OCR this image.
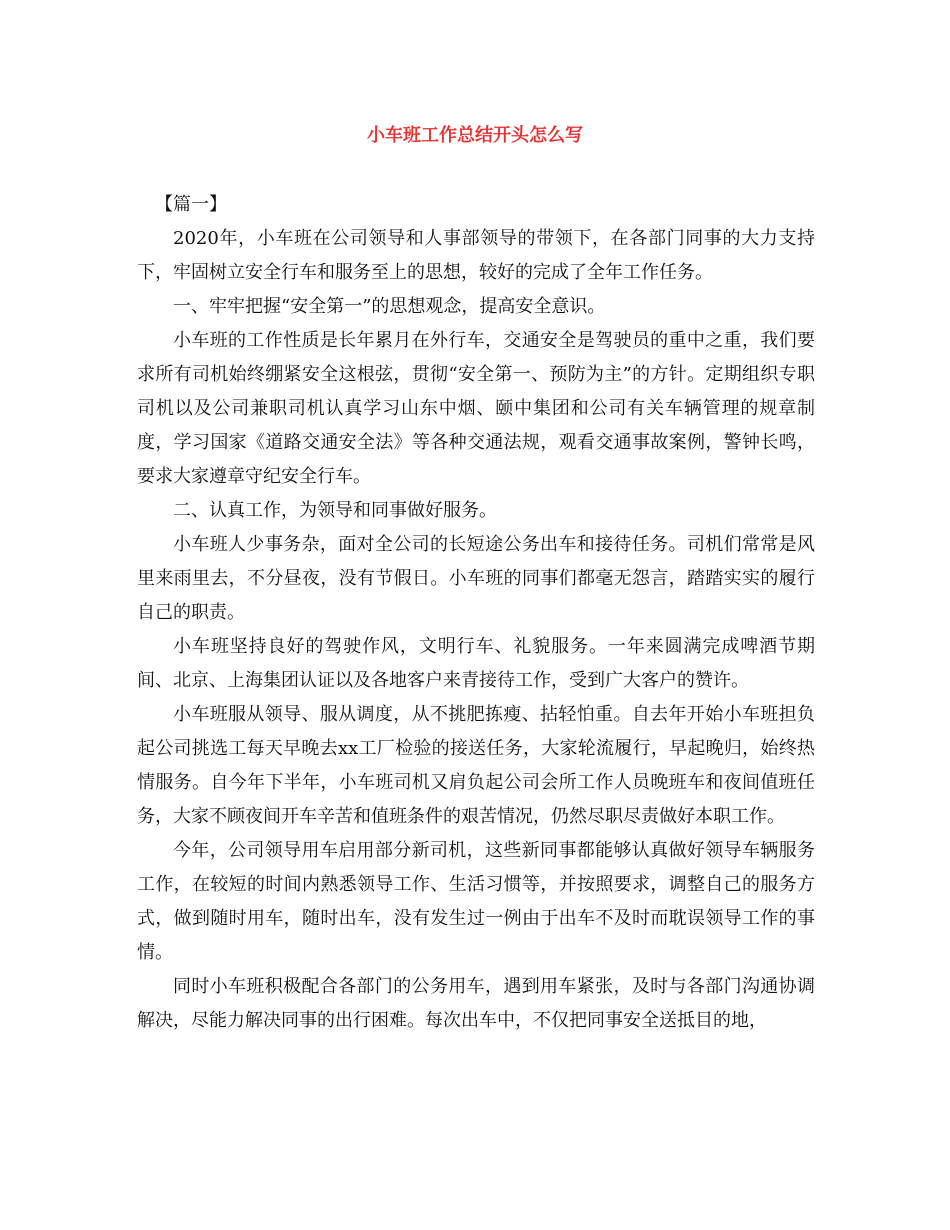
小车班工作总结开头怎么写

【篇一】

2020年，小车班在公司领导和人事部领导的带领下，在各部门同事的大力支持下，牢固树立安全行车和服务至上的思想，较好的完成了全年工作任务。

一、牢牢把握“安全第一”的思想观念，提高安全意识。

小车班的工作性质是长年累月在外行车，交通安全是驾驶员的重中之重，我们要求所有司机始终绷紧安全这根弦，贯彻“安全第一、预防为主”的方针。定期组织专职司机以及公司兼职司机认真学习山东中烟、颐中集团和公司有关车辆管理的规章制度，学习国家《道路交通安全法》等各种交通法规，观看交通事故案例，警钟长鸣，要求大家遵章守纪安全行车。

二、认真工作，为领导和同事做好服务。

小车班人少事务杂，面对全公司的长短途公务出车和接待任务。司机们常常是风里来雨里去，不分昼夜，没有节假日。小车班的同事们都毫无怨言，踏踏实实的履行自己的职责。

小车班坚持良好的驾驶作风，文明行车、礼貌服务。一年来圆满完成啤酒节期间、北京、上海集团认证以及各地客户来青接待工作，受到广大客户的赞许。

小车班服从领导、服从调度，从不挑肥拣瘦、拈轻怕重。自去年开始小车班担负起公司挑选工每天早晚去xx工厂检验的接送任务，大家轮流履行，早起晚归，始终热情服务。自今年下半年，小车班司机又肩负起公司会所工作人员晚班车和夜间值班任务，大家不顾夜间开车辛苦和值班条件的艰苦情况，仍然尽职尽责做好本职工作。

今年，公司领导用车启用部分新司机，这些新同事都能够认真做好领导车辆服务工作，在较短的时间内熟悉领导工作、生活习惯等，并按照要求，调整自己的服务方式，做到随时用车，随时出车，没有发生过一例由于出车不及时而耽误领导工作的事情。

同时小车班积极配合各部门的公务用车，遇到用车紧张，及时与各部门沟通协调解决，尽能力解决同事的出行困难。每次出车中，不仅把同事安全送抵目的地，
